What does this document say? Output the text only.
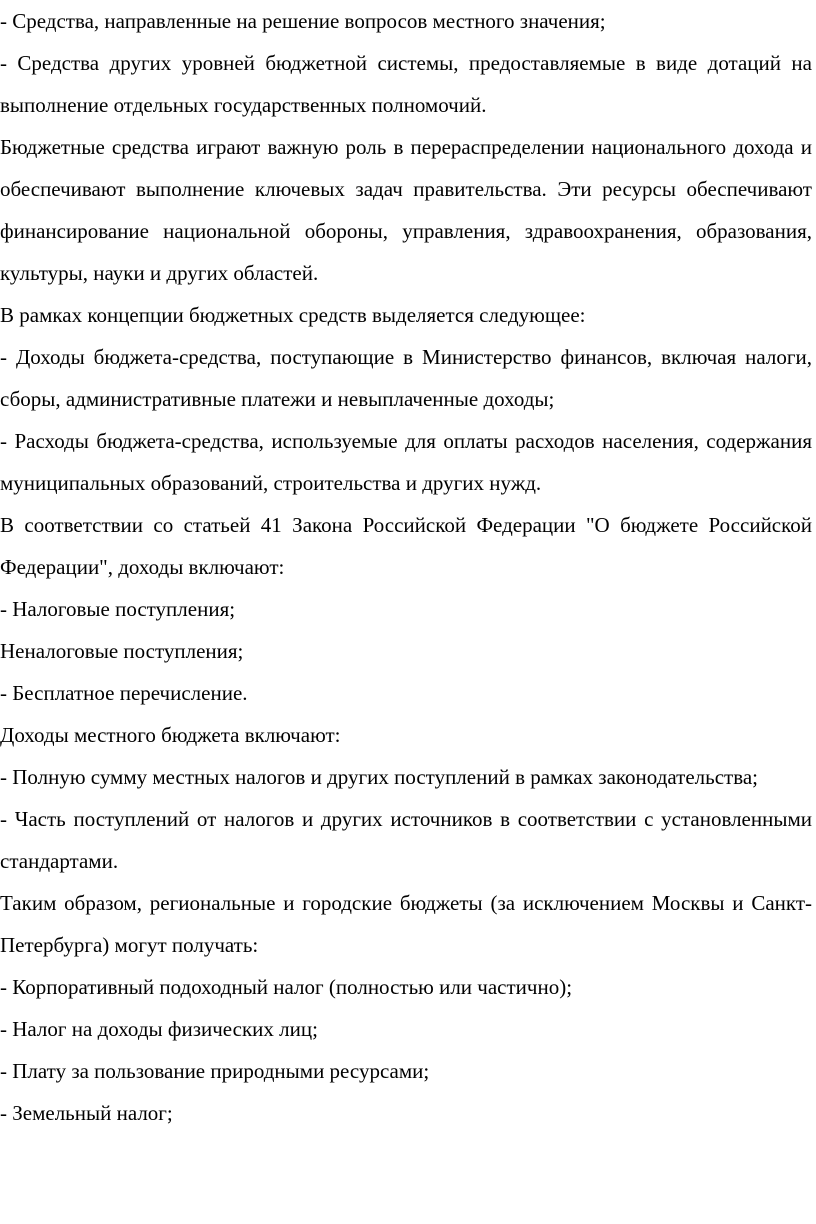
- Средства, направленные на решение вопросов местного значения;

- Средства других уровней бюджетной системы, предоставляемые в виде дотаций на выполнение отдельных государственных полномочий.

Бюджетные средства играют важную роль в перераспределении национального дохода и обеспечивают выполнение ключевых задач правительства. Эти ресурсы обеспечивают финансирование национальной обороны, управления, здравоохранения, образования, культуры, науки и других областей.

В рамках концепции бюджетных средств выделяется следующее:

- Доходы бюджета-средства, поступающие в Министерство финансов, включая налоги, сборы, административные платежи и невыплаченные доходы;

- Расходы бюджета-средства, используемые для оплаты расходов населения, содержания муниципальных образований, строительства и других нужд.

В соответствии со статьей 41 Закона Российской Федерации "О бюджете Российской Федерации", доходы включают:

- Налоговые поступления;

Неналоговые поступления;

- Бесплатное перечисление.

Доходы местного бюджета включают:

- Полную сумму местных налогов и других поступлений в рамках законодательства;

- Часть поступлений от налогов и других источников в соответствии с установленными стандартами.

Таким образом, региональные и городские бюджеты (за исключением Москвы и Санкт-Петербурга) могут получать:

- Корпоративный подоходный налог (полностью или частично);

- Налог на доходы физических лиц;

- Плату за пользование природными ресурсами;

- Земельный налог;
